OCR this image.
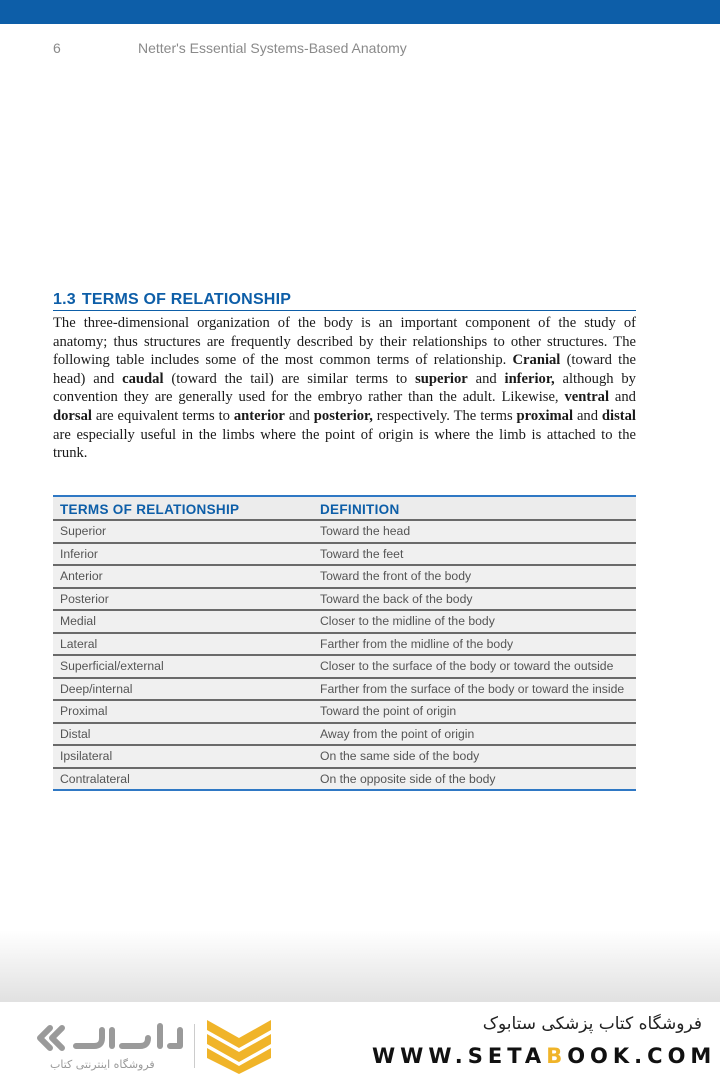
6	Netter's Essential Systems-Based Anatomy
1.3 TERMS OF RELATIONSHIP

The three-dimensional organization of the body is an important component of the study of anatomy; thus structures are frequently described by their relationships to other structures. The following table includes some of the most common terms of relationship. Cranial (toward the head) and caudal (toward the tail) are similar terms to superior and inferior, although by convention they are generally used for the embryo rather than the adult. Likewise, ventral and dorsal are equivalent terms to anterior and posterior, respectively. The terms proximal and distal are especially useful in the limbs where the point of origin is where the limb is attached to the trunk.

TERMS OF RELATIONSHIP	DEFINITION
Superior	Toward the head
Inferior	Toward the feet
Anterior	Toward the front of the body
Posterior	Toward the back of the body
Medial	Closer to the midline of the body
Lateral	Farther from the midline of the body
Superficial/external	Closer to the surface of the body or toward the outside
Deep/internal	Farther from the surface of the body or toward the inside
Proximal	Toward the point of origin
Distal	Away from the point of origin
Ipsilateral	On the same side of the body
Contralateral	On the opposite side of the body
فروشگاه اینترنتی کتاب
فروشگاه کتاب پزشکی ستابوک
WWW.SETABOOK.COM
